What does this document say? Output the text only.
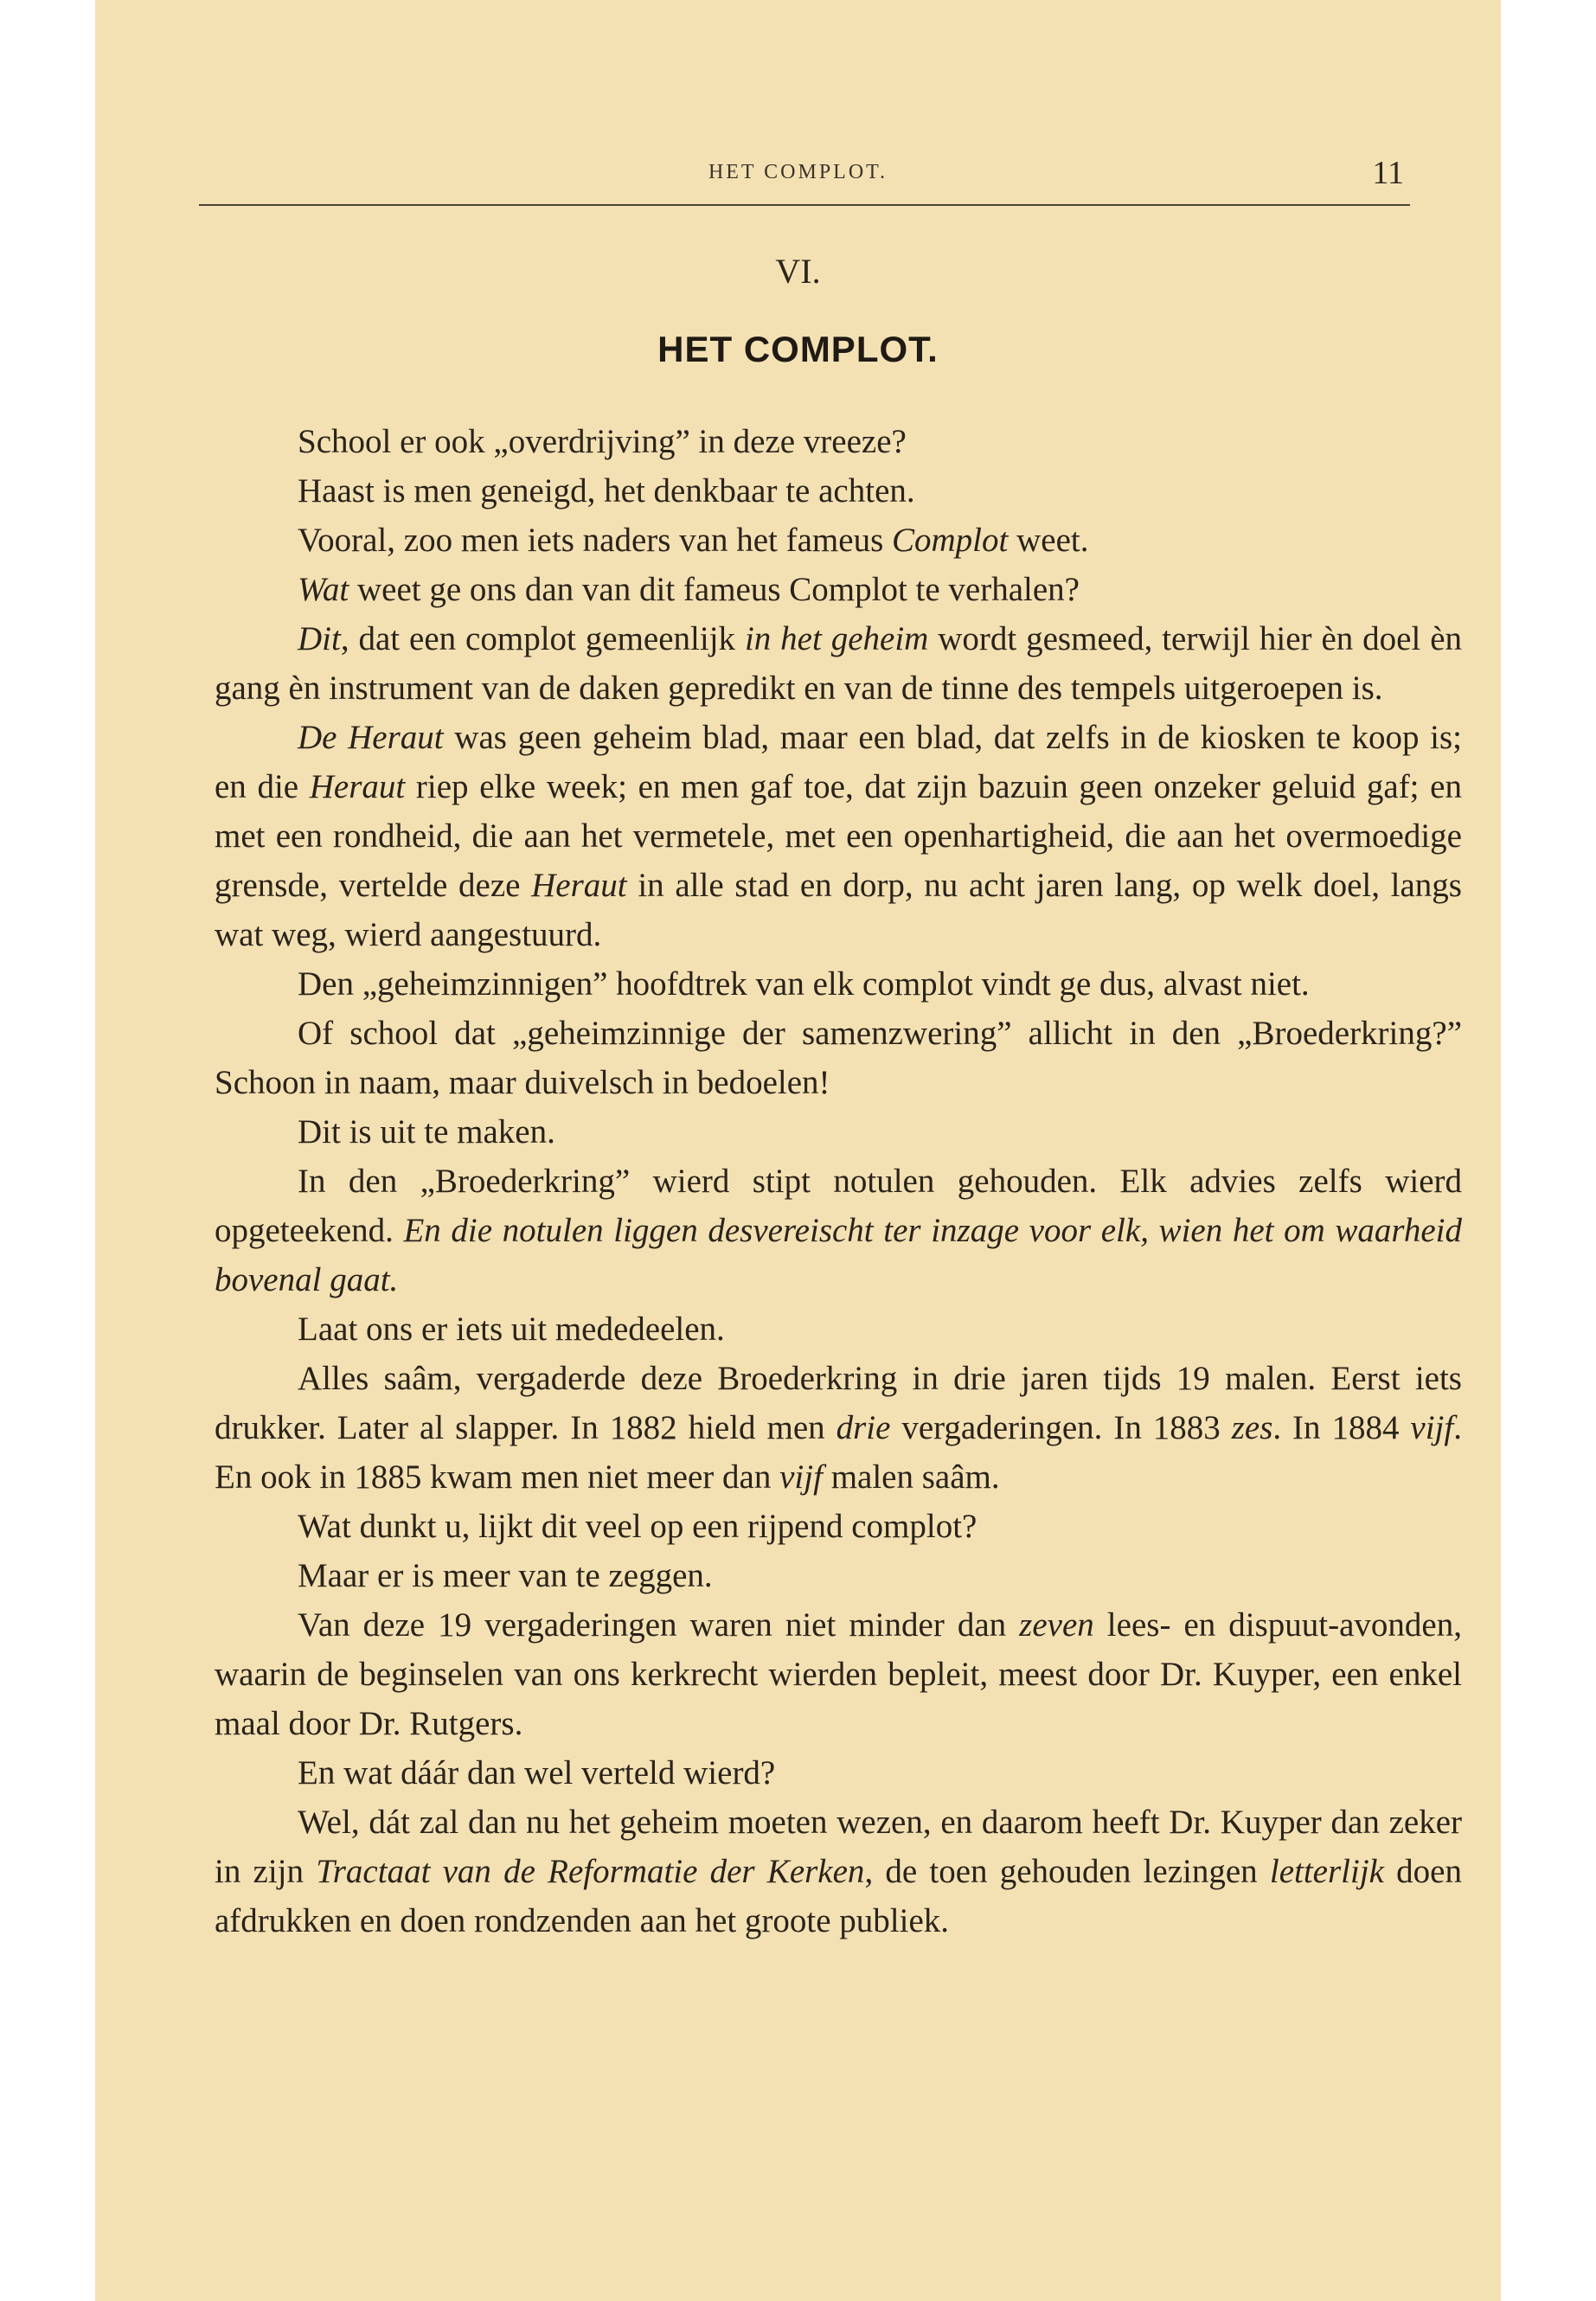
HET COMPLOT.	11
VI.
HET COMPLOT.

School er ook „overdrijving” in deze vreeze?

Haast is men geneigd, het denkbaar te achten.

Vooral, zoo men iets naders van het fameus Complot weet.

Wat weet ge ons dan van dit fameus Complot te verhalen?

Dit, dat een complot gemeenlijk in het geheim wordt gesmeed, terwijl hier èn doel èn gang èn instrument van de daken gepredikt en van de tinne des tempels uitgeroepen is.

De Heraut was geen geheim blad, maar een blad, dat zelfs in de kiosken te koop is; en die Heraut riep elke week; en men gaf toe, dat zijn bazuin geen onzeker geluid gaf; en met een rondheid, die aan het vermetele, met een openhartigheid, die aan het overmoedige grensde, vertelde deze Heraut in alle stad en dorp, nu acht jaren lang, op welk doel, langs wat weg, wierd aangestuurd.

Den „geheimzinnigen” hoofdtrek van elk complot vindt ge dus, alvast niet.

Of school dat „geheimzinnige der samenzwering” allicht in den „Broederkring?” Schoon in naam, maar duivelsch in bedoelen!

Dit is uit te maken.

In den „Broederkring” wierd stipt notulen gehouden. Elk advies zelfs wierd opgeteekend. En die notulen liggen desvereischt ter inzage voor elk, wien het om waarheid bovenal gaat.

Laat ons er iets uit mededeelen.

Alles saâm, vergaderde deze Broederkring in drie jaren tijds 19 malen. Eerst iets drukker. Later al slapper. In 1882 hield men drie vergaderingen. In 1883 zes. In 1884 vijf. En ook in 1885 kwam men niet meer dan vijf malen saâm.

Wat dunkt u, lijkt dit veel op een rijpend complot?

Maar er is meer van te zeggen.

Van deze 19 vergaderingen waren niet minder dan zeven lees- en dispuut-avonden, waarin de beginselen van ons kerkrecht wierden bepleit, meest door Dr. Kuyper, een enkel maal door Dr. Rutgers.

En wat dáár dan wel verteld wierd?

Wel, dát zal dan nu het geheim moeten wezen, en daarom heeft Dr. Kuyper dan zeker in zijn Tractaat van de Reformatie der Kerken, de toen gehouden lezingen letterlijk doen afdrukken en doen rondzenden aan het groote publiek.
